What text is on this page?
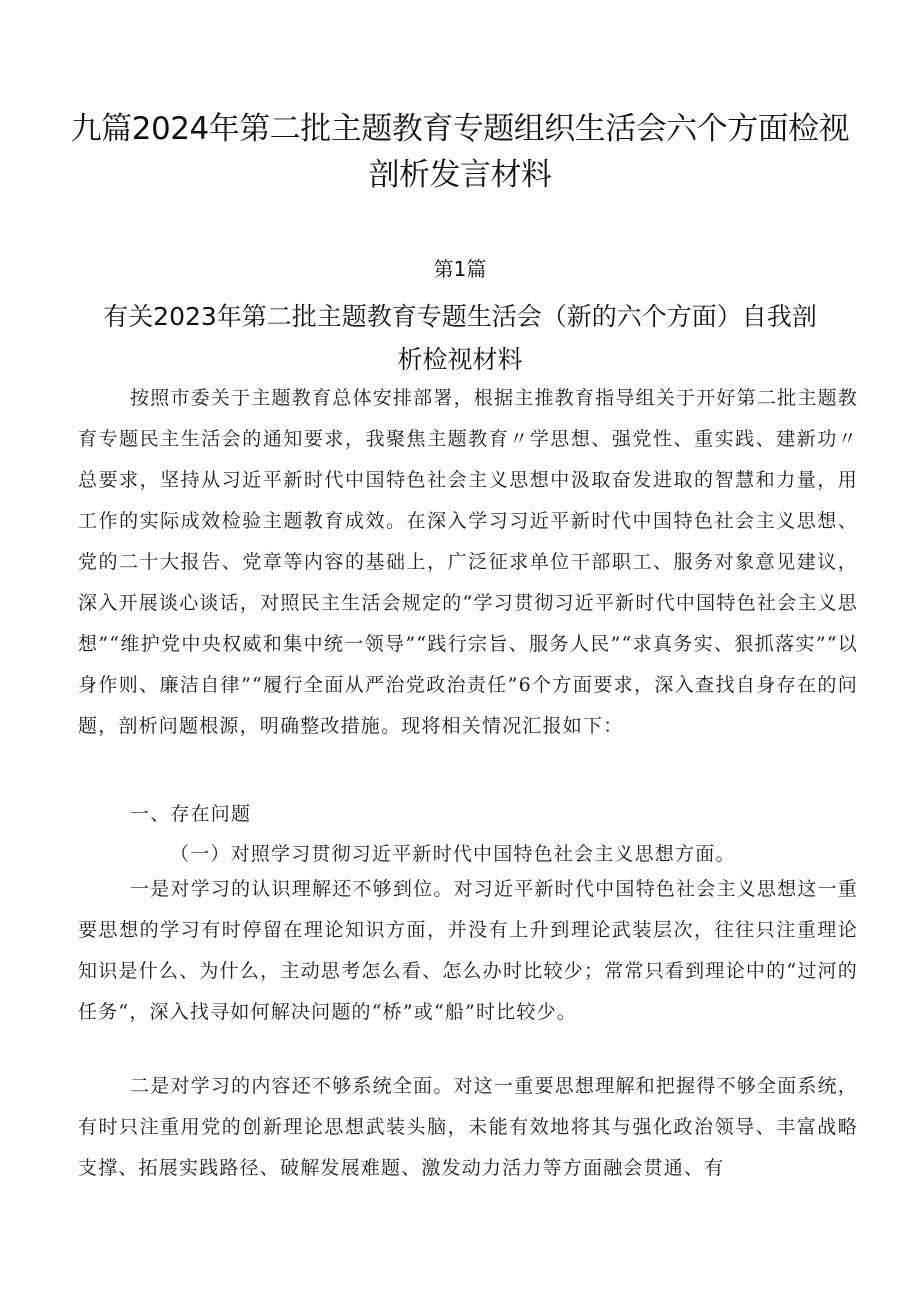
九篇2024年第二批主题教育专题组织生活会六个方面检视剖析发言材料
第1篇
有关2023年第二批主题教育专题生活会（新的六个方面）自我剖析检视材料

按照市委关于主题教育总体安排部署，根据主推教育指导组关于开好第二批主题教育专题民主生活会的通知要求，我聚焦主题教育〃学思想、强党性、重实践、建新功〃总要求，坚持从习近平新时代中国特色社会主义思想中汲取奋发进取的智慧和力量，用工作的实际成效检验主题教育成效。在深入学习习近平新时代中国特色社会主义思想、党的二十大报告、党章等内容的基础上，广泛征求单位干部职工、服务对象意见建议，深入开展谈心谈话，对照民主生活会规定的“学习贯彻习近平新时代中国特色社会主义思想”“维护党中央权威和集中统一领导”“践行宗旨、服务人民”“求真务实、狠抓落实”“以身作则、廉洁自律”“履行全面从严治党政治责任”6个方面要求，深入查找自身存在的问题，剖析问题根源，明确整改措施。现将相关情况汇报如下：

一、存在问题
（一）对照学习贯彻习近平新时代中国特色社会主义思想方面。

一是对学习的认识理解还不够到位。对习近平新时代中国特色社会主义思想这一重要思想的学习有时停留在理论知识方面，并没有上升到理论武装层次，往往只注重理论知识是什么、为什么，主动思考怎么看、怎么办时比较少；常常只看到理论中的“过河的任务“，深入找寻如何解决问题的“桥”或“船”时比较少。

二是对学习的内容还不够系统全面。对这一重要思想理解和把握得不够全面系统，有时只注重用党的创新理论思想武装头脑，未能有效地将其与强化政治领导、丰富战略支撑、拓展实践路径、破解发展难题、激发动力活力等方面融会贯通、有
